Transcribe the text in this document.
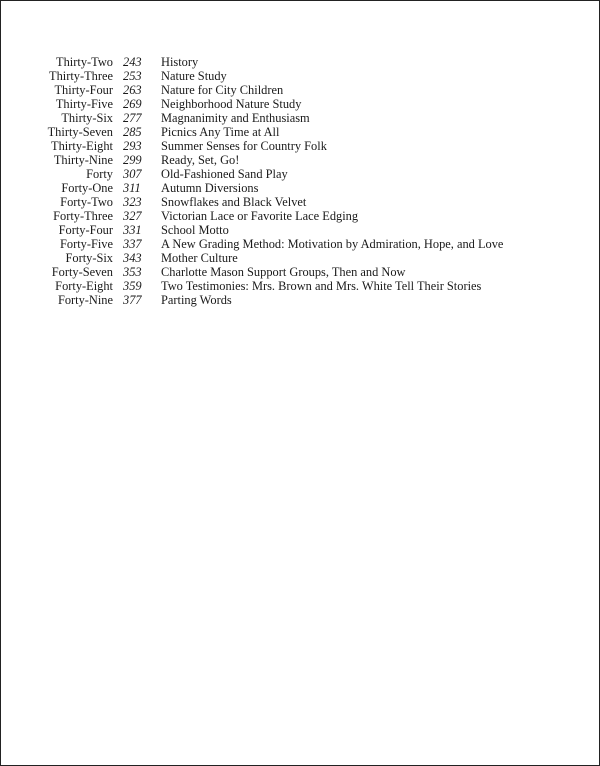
Thirty-Two 243 History
Thirty-Three 253 Nature Study
Thirty-Four 263 Nature for City Children
Thirty-Five 269 Neighborhood Nature Study
Thirty-Six 277 Magnanimity and Enthusiasm
Thirty-Seven 285 Picnics Any Time at All
Thirty-Eight 293 Summer Senses for Country Folk
Thirty-Nine 299 Ready, Set, Go!
Forty 307 Old-Fashioned Sand Play
Forty-One 311 Autumn Diversions
Forty-Two 323 Snowflakes and Black Velvet
Forty-Three 327 Victorian Lace or Favorite Lace Edging
Forty-Four 331 School Motto
Forty-Five 337 A New Grading Method: Motivation by Admiration, Hope, and Love
Forty-Six 343 Mother Culture
Forty-Seven 353 Charlotte Mason Support Groups, Then and Now
Forty-Eight 359 Two Testimonies: Mrs. Brown and Mrs. White Tell Their Stories
Forty-Nine 377 Parting Words
